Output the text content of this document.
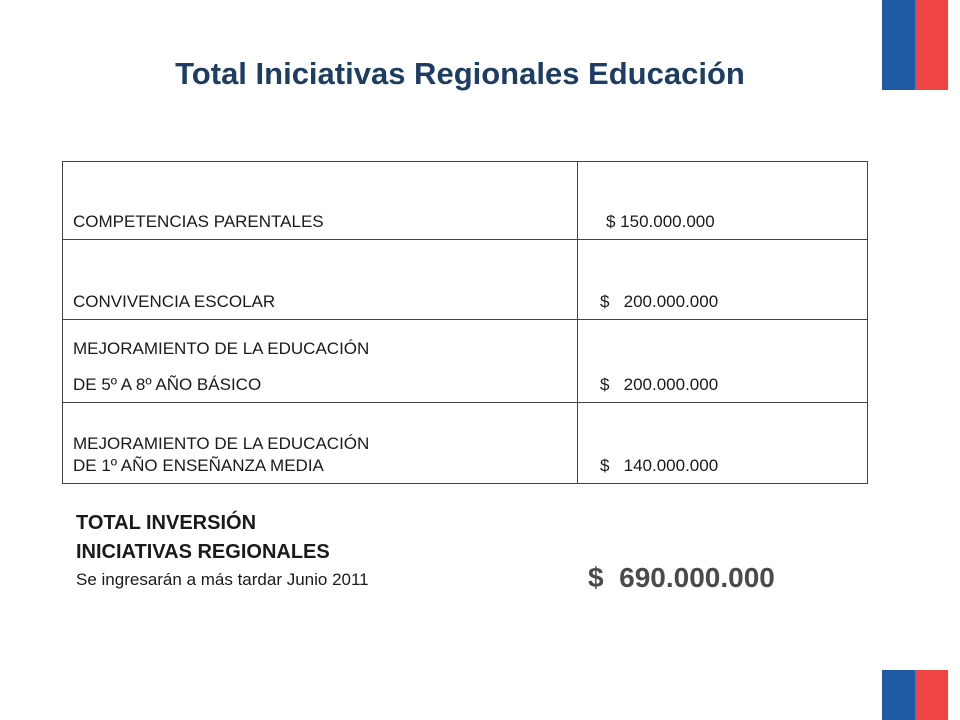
Total Iniciativas Regionales Educación
COMPETENCIAS PARENTALES	$ 150.000.000
CONVIVENCIA ESCOLAR	$   200.000.000

MEJORAMIENTO DE LA EDUCACIÓN
DE 5º A 8º AÑO BÁSICO	$   200.000.000

MEJORAMIENTO DE LA EDUCACIÓN
DE 1º AÑO ENSEÑANZA MEDIA	$   140.000.000
TOTAL INVERSIÓN
INICIATIVAS REGIONALES
Se ingresarán a más tardar Junio 2011	$  690.000.000
